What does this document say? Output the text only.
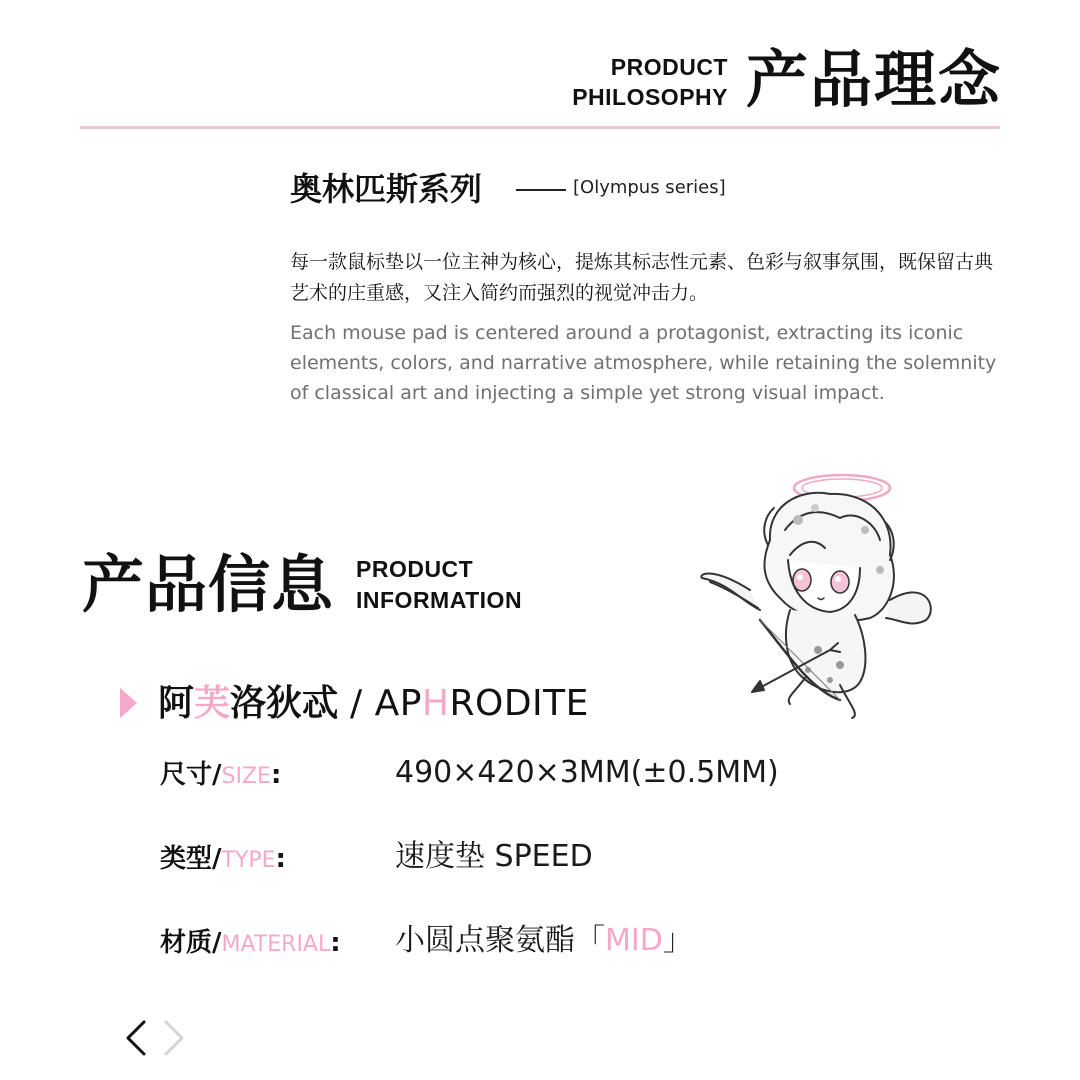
PRODUCT
PHILOSOPHY 产品理念
奥林匹斯系列	[Olympus series]
每一款鼠标垫以一位主神为核心，提炼其标志性元素、色彩与叙事氛围，既保留古典艺术的庄重感，又注入简约而强烈的视觉冲击力。
Each mouse pad is centered around a protagonist, extracting its iconic elements, colors, and narrative atmosphere, while retaining the solemnity of classical art and injecting a simple yet strong visual impact.
产品信息 PRODUCT
INFORMATION
阿芙洛狄忒 / APHRODITE
尺寸/SIZE:	490×420×3MM(±0.5MM)
类型/TYPE:	速度垫 SPEED
材质/MATERIAL: 小圆点聚氨酯「MID」
